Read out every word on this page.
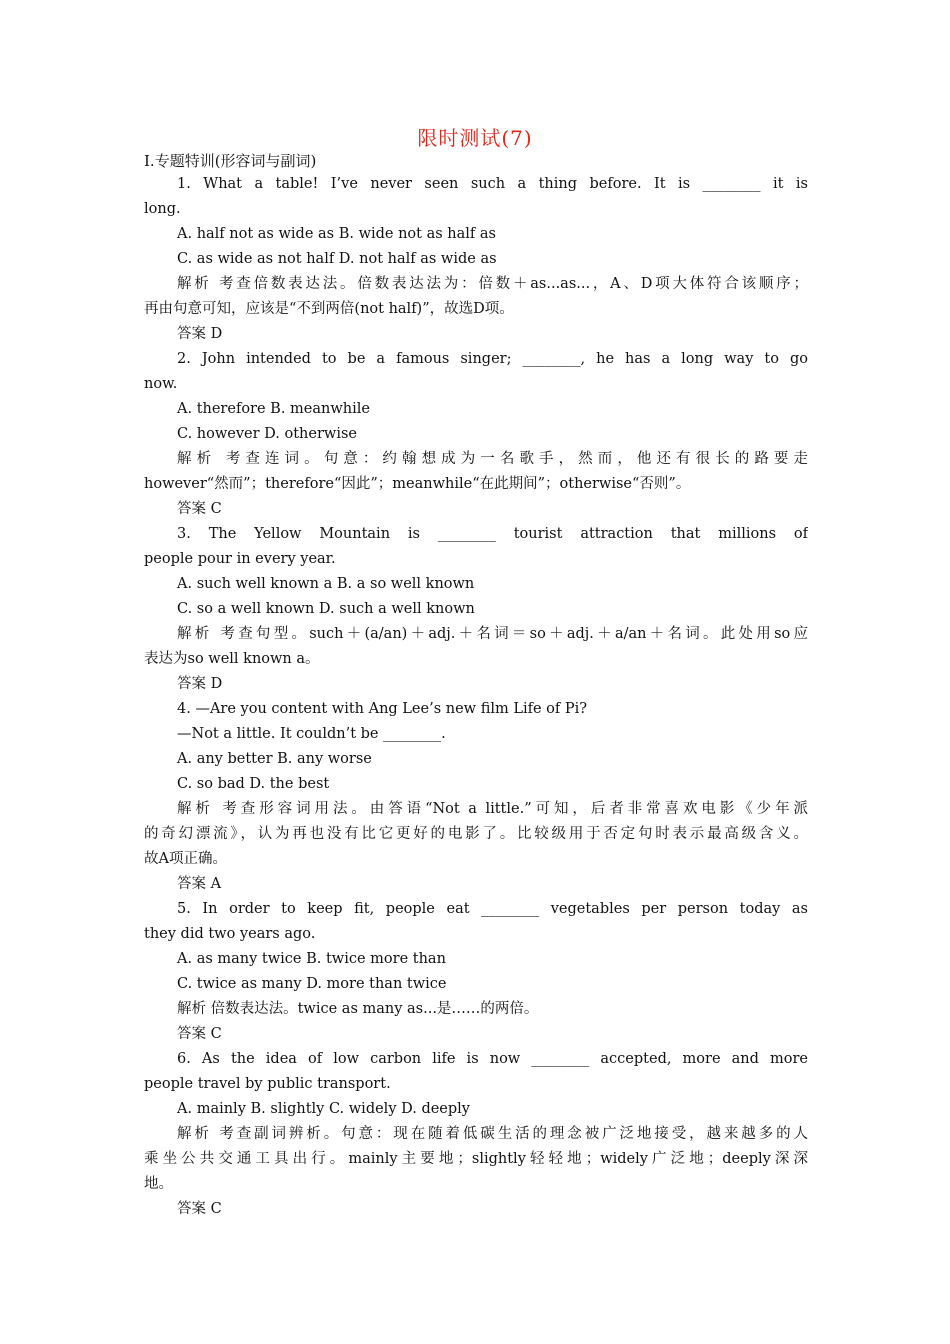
限时测试(7)
Ⅰ.专题特训(形容词与副词)
1. What a table! I’ve never seen such a thing before. It is ________ it is
long.
A. half not as wide as B. wide not as half as
C. as wide as not half D. not half as wide as
解析 考查倍数表达法。倍数表达法为：倍数＋as...as...，A、D项大体符合该顺序；
再由句意可知，应该是“不到两倍(not half)”，故选D项。
答案 D
2. John intended to be a famous singer; ________, he has a long way to go
now.
A. therefore B. meanwhile
C. however D. otherwise
解析 考查连词。句意：约翰想成为一名歌手，然而，他还有很长的路要走
however“然而”；therefore“因此”；meanwhile“在此期间”；otherwise“否则”。
答案 C
3. The Yellow Mountain is ________ tourist attraction that millions of
people pour in every year.
A. such well known a B. a so well known
C. so a well known D. such a well known
解析 考查句型。such＋(a/an)＋adj.＋名词＝so＋adj.＋a/an＋名词。此处用so应
表达为so well known a。
答案 D
4. —Are you content with Ang Lee’s new film Life of Pi?
—Not a little. It couldn’t be ________.
A. any better B. any worse
C. so bad D. the best
解析 考查形容词用法。由答语“Not a little.”可知，后者非常喜欢电影《少年派
的奇幻漂流》，认为再也没有比它更好的电影了。比较级用于否定句时表示最高级含义。
故A项正确。
答案 A
5. In order to keep fit, people eat ________ vegetables per person today as
they did two years ago.
A. as many twice B. twice more than
C. twice as many D. more than twice
解析 倍数表达法。twice as many as...是……的两倍。
答案 C
6. As the idea of low carbon life is now ________ accepted, more and more
people travel by public transport.
A. mainly B. slightly C. widely D. deeply
解析 考查副词辨析。句意：现在随着低碳生活的理念被广泛地接受，越来越多的人
乘坐公共交通工具出行。mainly主要地；slightly轻轻地；widely广泛地；deeply深深
地。
答案 C
